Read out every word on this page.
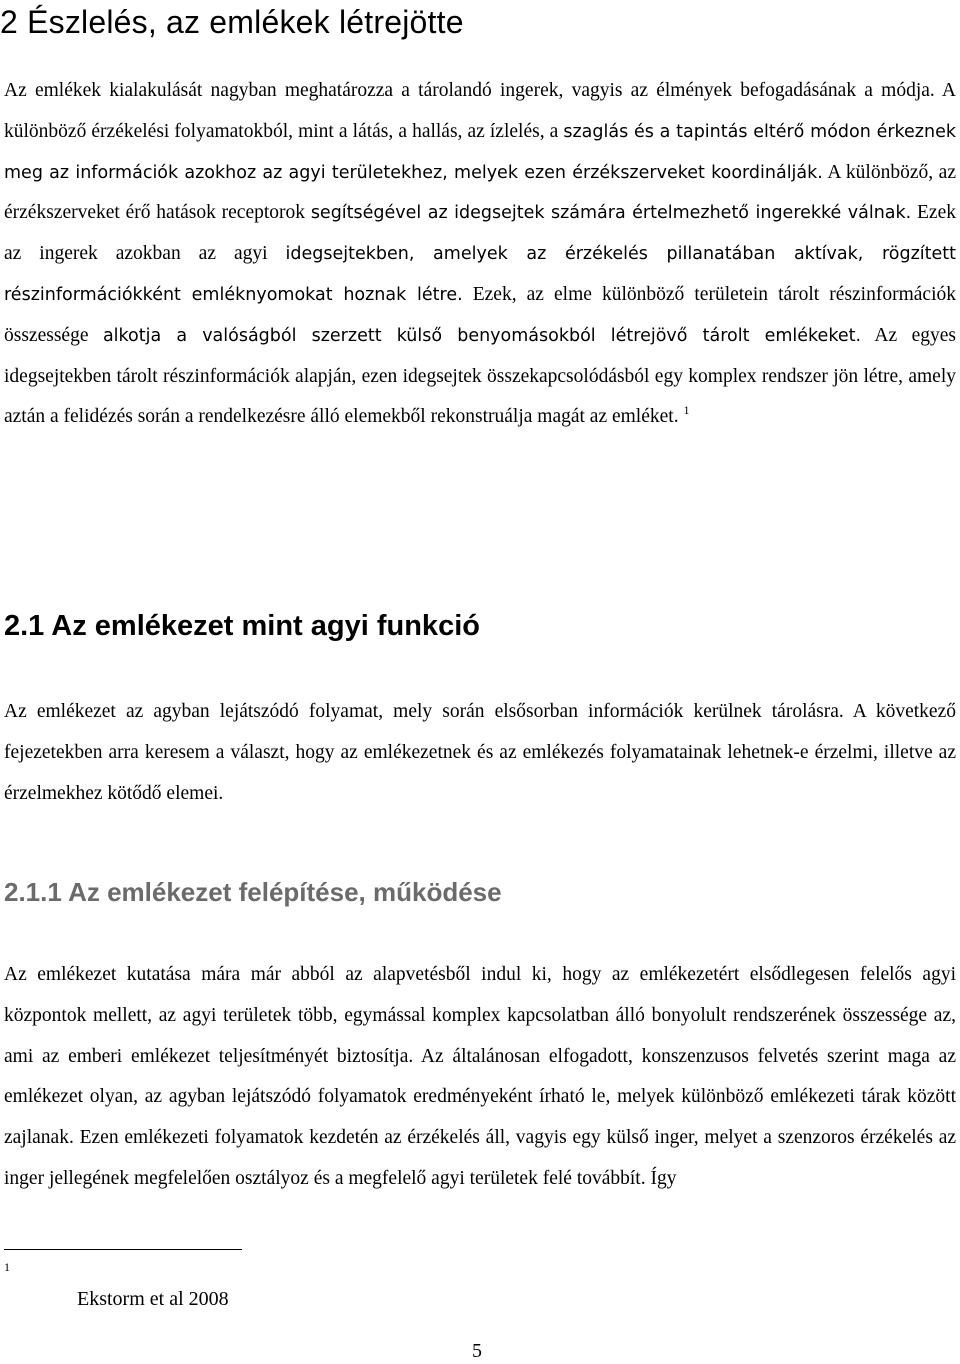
2 Észlelés, az emlékek létrejötte

Az emlékek kialakulását nagyban meghatározza a tárolandó ingerek, vagyis az élmények befogadásának a módja. A különböző érzékelési folyamatokból, mint a látás, a hallás, az ízlelés, a szaglás és a tapintás eltérő módon érkeznek meg az információk azokhoz az agyi területekhez, melyek ezen érzékszerveket koordinálják. A különböző, az érzékszerveket érő hatások receptorok segítségével az idegsejtek számára értelmezhető ingerekké válnak. Ezek az ingerek azokban az agyi idegsejtekben, amelyek az érzékelés pillanatában aktívak, rögzített részinformációkként emléknyomokat hoznak létre. Ezek, az elme különböző területein tárolt részinformációk összessége alkotja a valóságból szerzett külső benyomásokból létrejövő tárolt emlékeket. Az egyes idegsejtekben tárolt részinformációk alapján, ezen idegsejtek összekapcsolódásból egy komplex rendszer jön létre, amely aztán a felidézés során a rendelkezésre álló elemekből rekonstruálja magát az emléket. $^1$

2.1 Az emlékezet mint agyi funkció

Az emlékezet az agyban lejátszódó folyamat, mely során elsősorban információk kerülnek tárolásra. A következő fejezetekben arra keresem a választ, hogy az emlékezetnek és az emlékezés folyamatainak lehetnek-e érzelmi, illetve az érzelmekhez kötődő elemei.

2.1.1 Az emlékezet felépítése, működése

Az emlékezet kutatása mára már abból az alapvetésből indul ki, hogy az emlékezetért elsődlegesen felelős agyi központok mellett, az agyi területek több, egymással komplex kapcsolatban álló bonyolult rendszerének összessége az, ami az emberi emlékezet teljesítményét biztosítja. Az általánosan elfogadott, konszenzusos felvetés szerint maga az emlékezet olyan, az agyban lejátszódó folyamatok eredményeként írható le, melyek különböző emlékezeti tárak között zajlanak. Ezen emlékezeti folyamatok kezdetén az érzékelés áll, vagyis egy külső inger, melyet a szenzoros érzékelés az inger jellegének megfelelően osztályoz és a megfelelő agyi területek felé továbbít. Így

1
Ekstorm et al 2008
5
